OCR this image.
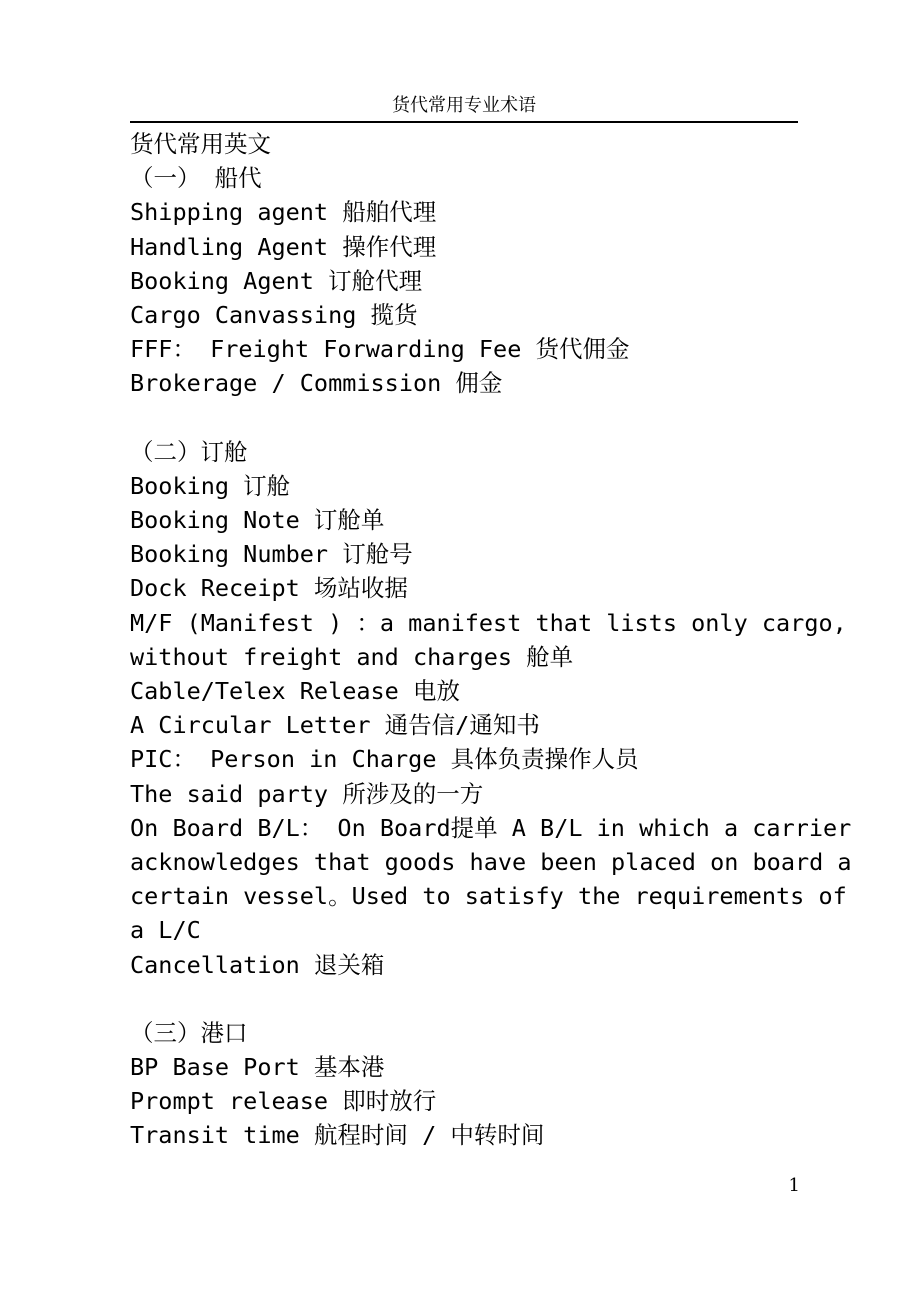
货代常用专业术语
货代常用英文
（一） 船代
Shipping agent 船舶代理
Handling Agent 操作代理
Booking Agent 订舱代理
Cargo Canvassing 揽货
FFF： Freight Forwarding Fee 货代佣金
Brokerage / Commission 佣金
（二）订舱
Booking 订舱
Booking Note 订舱单
Booking Number 订舱号
Dock Receipt 场站收据
M/F (Manifest ) ：a manifest that lists only cargo,
without freight and charges 舱单
Cable/Telex Release 电放
A Circular Letter 通告信/通知书
PIC： Person in Charge 具体负责操作人员
The said party 所涉及的一方
On Board B/L： On Board提单 A B/L in which a carrier
acknowledges that goods have been placed on board a
certain vessel。Used to satisfy the requirements of
a L/C
Cancellation 退关箱
（三）港口
BP Base Port 基本港
Prompt release 即时放行
Transit time 航程时间 / 中转时间
1
